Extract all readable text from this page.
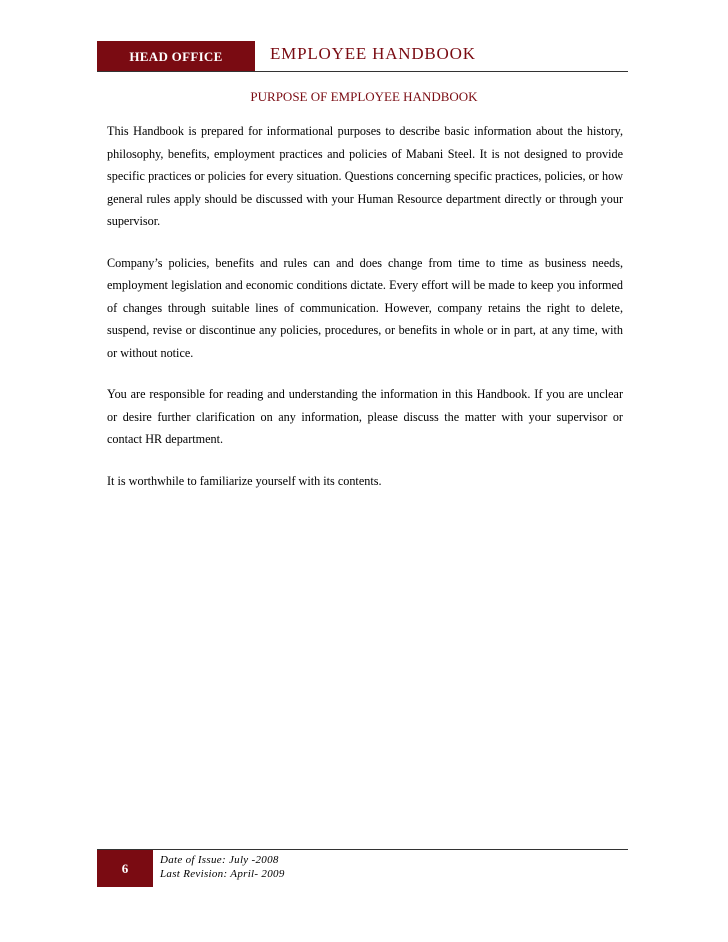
HEAD OFFICE	EMPLOYEE HANDBOOK
PURPOSE OF EMPLOYEE HANDBOOK

This Handbook is prepared for informational purposes to describe basic information about the history, philosophy, benefits, employment practices and policies of Mabani Steel. It is not designed to provide specific practices or policies for every situation. Questions concerning specific practices, policies, or how general rules apply should be discussed with your Human Resource department directly or through your supervisor.

Company’s policies, benefits and rules can and does change from time to time as business needs, employment legislation and economic conditions dictate. Every effort will be made to keep you informed of changes through suitable lines of communication. However, company retains the right to delete, suspend, revise or discontinue any policies, procedures, or benefits in whole or in part, at any time, with or without notice.

You are responsible for reading and understanding the information in this Handbook. If you are unclear or desire further clarification on any information, please discuss the matter with your supervisor or contact HR department.

It is worthwhile to familiarize yourself with its contents.

6
Date of Issue: July -2008
Last Revision: April- 2009
